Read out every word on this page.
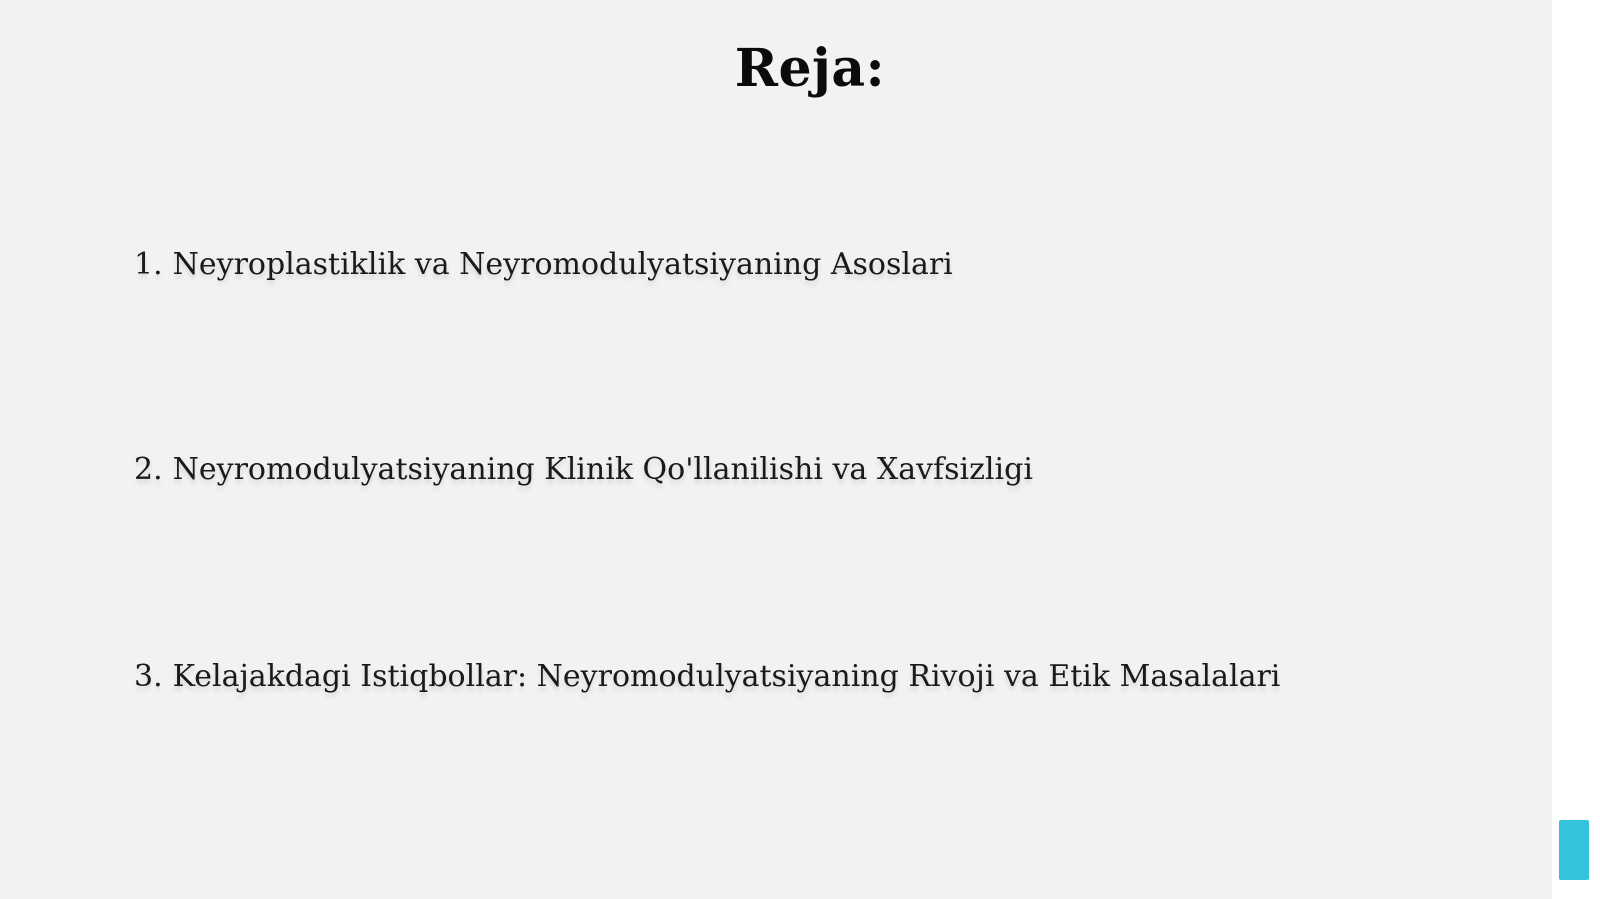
Reja:
1. Neyroplastiklik va Neyromodulyatsiyaning Asoslari
2. Neyromodulyatsiyaning Klinik Qo'llanilishi va Xavfsizligi
3. Kelajakdagi Istiqbollar: Neyromodulyatsiyaning Rivoji va Etik Masalalari
